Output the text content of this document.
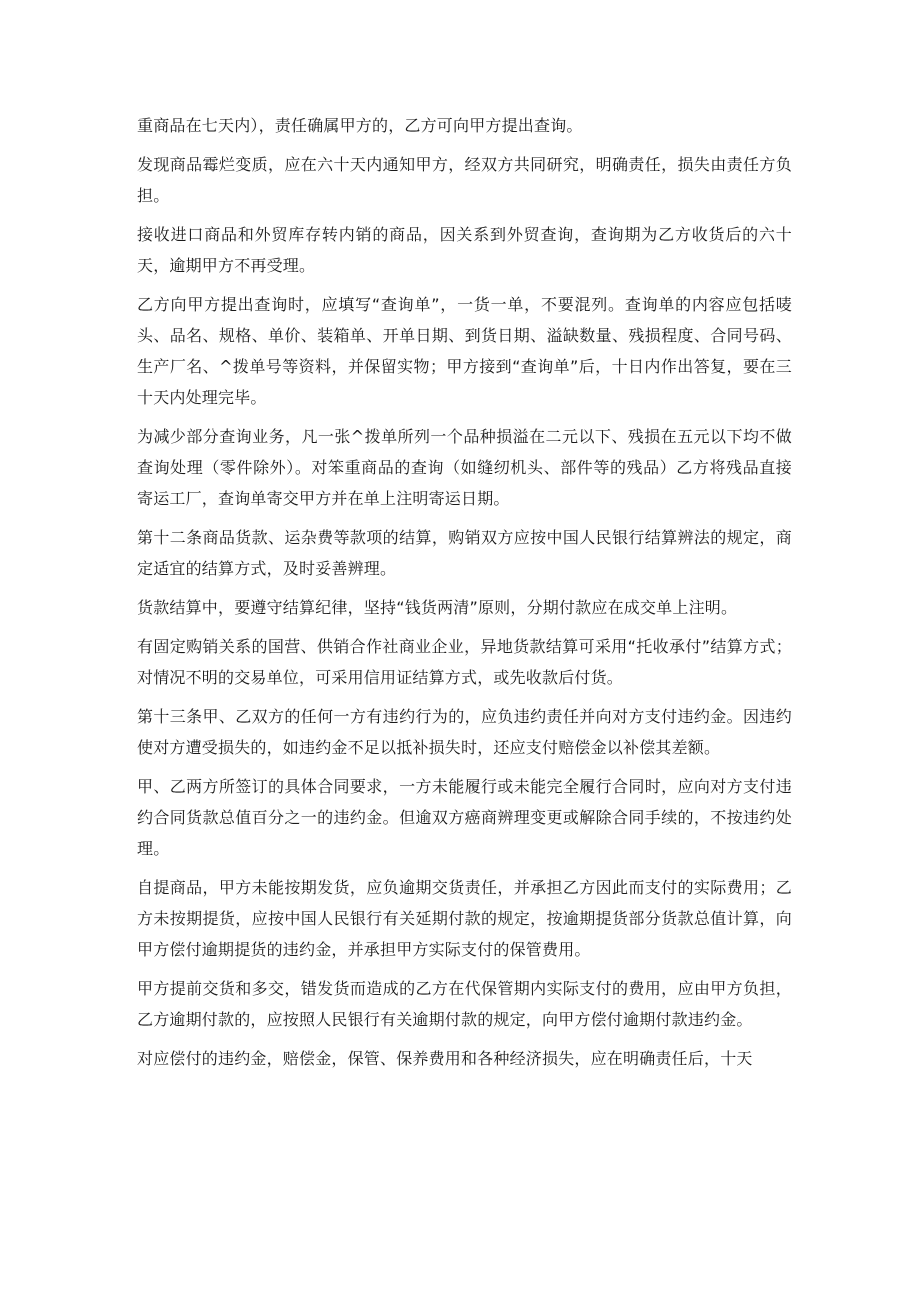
重商品在七天内），责任确属甲方的，乙方可向甲方提出查询。

发现商品霉烂变质，应在六十天内通知甲方，经双方共同研究，明确责任，损失由责任方负担。

接收进口商品和外贸库存转内销的商品，因关系到外贸查询，查询期为乙方收货后的六十天，逾期甲方不再受理。

乙方向甲方提出查询时，应填写“查询单”，一货一单，不要混列。查询单的内容应包括唛头、品名、规格、单价、装箱单、开单日期、到货日期、溢缺数量、残损程度、合同号码、生产厂名、^拨单号等资料，并保留实物；甲方接到“查询单”后，十日内作出答复，要在三十天内处理完毕。

为减少部分查询业务，凡一张^拨单所列一个品种损溢在二元以下、残损在五元以下均不做查询处理（零件除外）。对笨重商品的查询（如缝纫机头、部件等的残品）乙方将残品直接寄运工厂，查询单寄交甲方并在单上注明寄运日期。

第十二条商品货款、运杂费等款项的结算，购销双方应按中国人民银行结算辨法的规定，商定适宜的结算方式，及时妥善辨理。

货款结算中，要遵守结算纪律，坚持“钱货两清”原则，分期付款应在成交单上注明。

有固定购销关系的国营、供销合作社商业企业，异地货款结算可采用“托收承付”结算方式；对情况不明的交易单位，可采用信用证结算方式，或先收款后付货。

第十三条甲、乙双方的任何一方有违约行为的，应负违约责任并向对方支付违约金。因违约使对方遭受损失的，如违约金不足以抵补损失时，还应支付赔偿金以补偿其差额。

甲、乙两方所签订的具体合同要求，一方未能履行或未能完全履行合同时，应向对方支付违约合同货款总值百分之一的违约金。但逾双方癌商辨理变更或解除合同手续的，不按违约处理。

自提商品，甲方未能按期发货，应负逾期交货责任，并承担乙方因此而支付的实际费用；乙方未按期提货，应按中国人民银行有关延期付款的规定，按逾期提货部分货款总值计算，向甲方偿付逾期提货的违约金，并承担甲方实际支付的保管费用。

甲方提前交货和多交，错发货而造成的乙方在代保管期内实际支付的费用，应由甲方负担，乙方逾期付款的，应按照人民银行有关逾期付款的规定，向甲方偿付逾期付款违约金。

对应偿付的违约金，赔偿金，保管、保养费用和各种经济损失，应在明确责任后，十天
